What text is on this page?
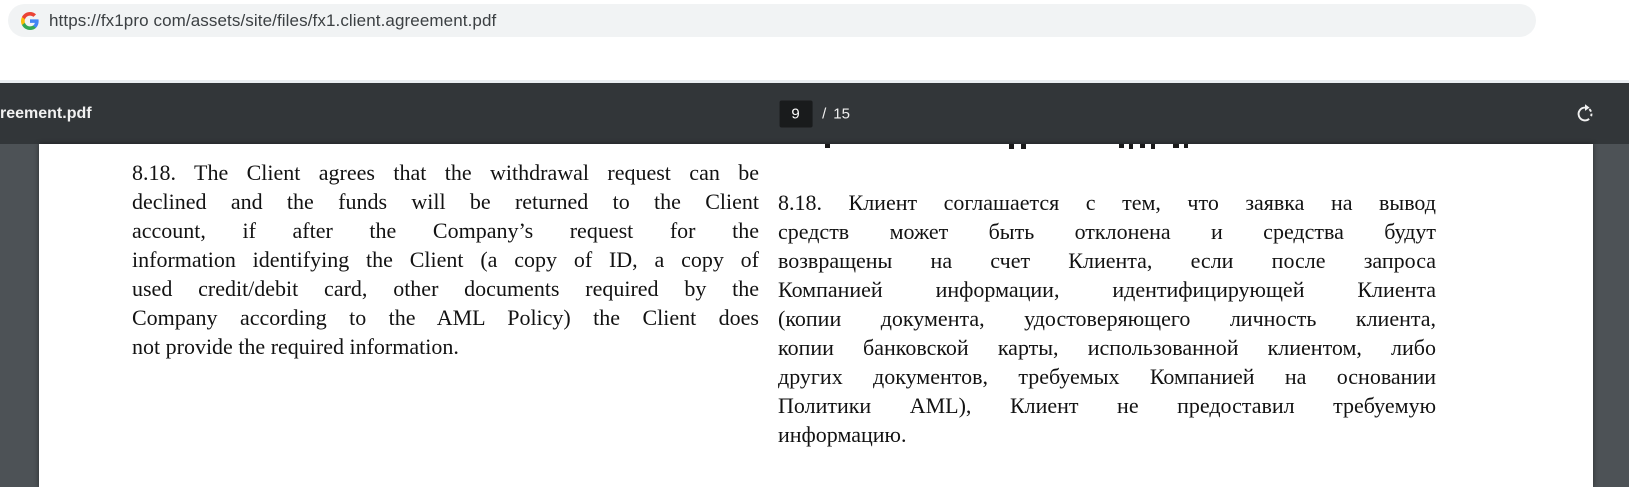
https://fx1pro com/assets/site/files/fx1.client.agreement.pdf
reement.pdf
9	/ 15
8.18. The Client agrees that the withdrawal request can be
declined and the funds will be returned to the Client
account, if after the Company’s request for the
information identifying the Client (a copy of ID, a copy of
used credit/debit card, other documents required by the
Company according to the AML Policy) the Client does
not provide the required information.
8.18. Клиент соглашается с тем, что заявка на вывод
средств может быть отклонена и средства будут
возвращены на счет Клиента, если после запроса
Компанией информации, идентифицирующей Клиента
(копии документа, удостоверяющего личность клиента,
копии банковской карты, использованной клиентом, либо
других документов, требуемых Компанией на основании
Политики AML), Клиент не предоставил требуемую
информацию.
